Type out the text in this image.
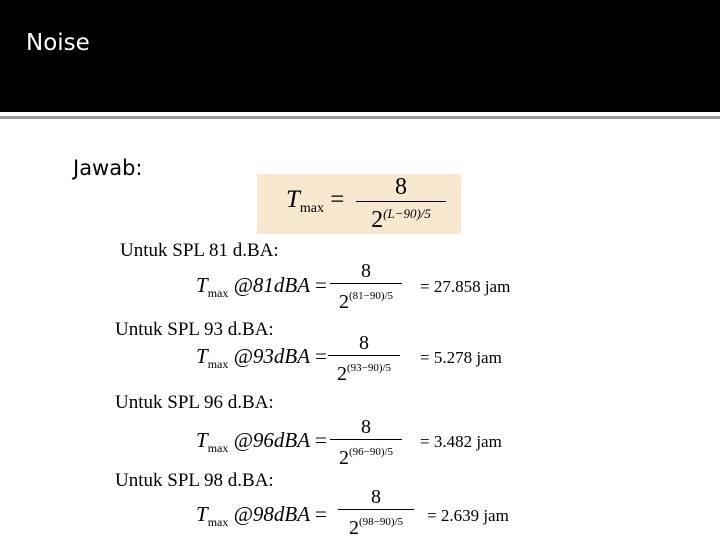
Noise
Jawab:
$T_{max}$ =	8
$2^{(L-90)/5}$
Untuk SPL 81 d.BA:
$T_{max}$ @81dBA =
8
$2^{(81-90)/5}$	= 27.858 jam
Untuk SPL 93 d.BA:
$T_{max}$ @93dBA =
8
$2^{(93-90)/5}$
= 5.278 jam
Untuk SPL 96 d.BA:
$T_{max}$ @96dBA =
8
$2^{(96-90)/5}$
= 3.482 jam
Untuk SPL 98 d.BA:
$T_{max}$ @98dBA =
8
$2^{(98-90)/5}$	= 2.639 jam
